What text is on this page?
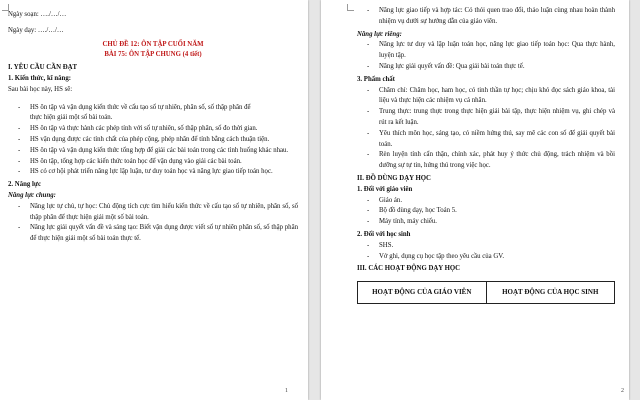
Ngày soạn: …./…/…

Ngày dạy: …./…/…

CHỦ ĐỀ 12: ÔN TẬP CUỐI NĂM

BÀI 75: ÔN TẬP CHUNG (4 tiết)

I. YÊU CẦU CẦN ĐẠT

1. Kiến thức, kĩ năng:

Sau bài học này, HS sẽ:

- HS ôn tập và vận dụng kiến thức về cấu tạo số tự nhiên, phân số, số thập phân để

thực hiện giải một số bài toán.

- HS ôn tập và thực hành các phép tính với số tự nhiên, số thập phân, số đo thời gian.

- HS vận dụng được các tính chất của phép cộng, phép nhân để tính bằng cách thuận tiện.

- HS ôn tập và vận dụng kiến thức tổng hợp để giải các bài toán trong các tình huống khác nhau.

- HS ôn tập, tổng hợp các kiến thức toán học để vận dụng vào giải các bài toán.

- HS có cơ hội phát triển năng lực lập luận, tư duy toán học và năng lực giao tiếp toán học.

2. Năng lực

Năng lực chung:

- Năng lực tự chủ, tự học: Chủ động tích cực tìm hiểu kiến thức về cấu tạo số tự nhiên, phân số, số thập phân để thực hiện giải một số bài toán.

- Năng lực giải quyết vấn đề và sáng tạo: Biết vận dụng được viết số tự nhiên phân số, số thập phân để thực hiện giải một số bài toán thực tế.

1

- Năng lực giao tiếp và hợp tác: Có thói quen trao đổi, thảo luận cùng nhau hoàn thành nhiệm vụ dưới sự hướng dẫn của giáo viên.

Năng lực riêng:

- Năng lực tư duy và lập luận toán học, năng lực giao tiếp toán học: Qua thực hành, luyện tập.

- Năng lực giải quyết vấn đề: Qua giải bài toán thực tế.

3. Phẩm chất

- Chăm chỉ: Chăm học, ham học, có tinh thần tự học; chịu khó đọc sách giáo khoa, tài liệu và thực hiện các nhiệm vụ cá nhân.

- Trung thực: trung thực trong thực hiện giải bài tập, thực hiện nhiệm vụ, ghi chép và rút ra kết luận.

- Yêu thích môn học, sáng tạo, có niềm hứng thú, say mê các con số để giải quyết bài toán.

- Rèn luyện tính cẩn thận, chính xác, phát huy ý thức chủ động, trách nhiệm và bồi dưỡng sự tự tin, hứng thú trong việc học.

II. ĐỒ DÙNG DẠY HỌC

1. Đối với giáo viên

- Giáo án.

- Bộ đồ dùng dạy, học Toán 5.

- Máy tính, máy chiếu.

2. Đối với học sinh

- SHS.

- Vở ghi, dụng cụ học tập theo yêu cầu của GV.

III. CÁC HOẠT ĐỘNG DẠY HỌC

HOẠT ĐỘNG CỦA GIÁO VIÊN	HOẠT ĐỘNG CỦA HỌC SINH
2
